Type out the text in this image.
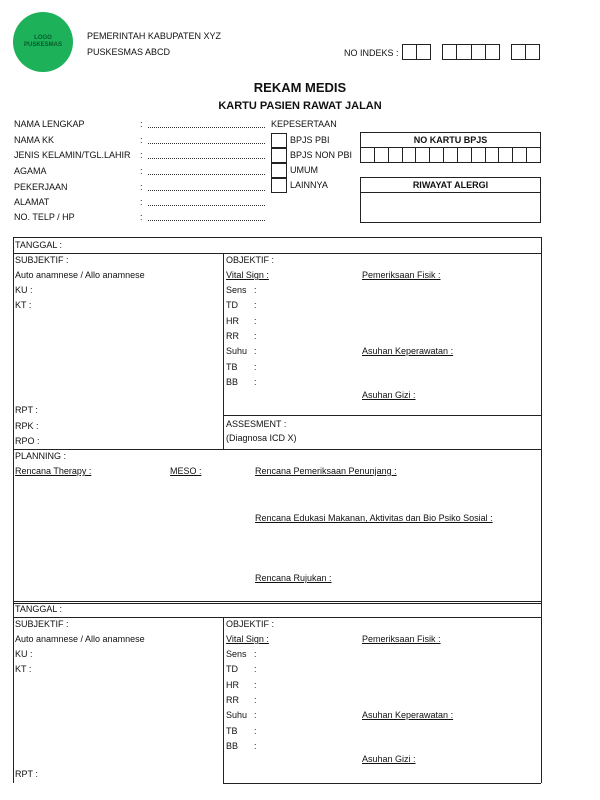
LOGO
PUSKESMAS
PEMERINTAH KABUPATEN XYZ
PUSKESMAS ABCD	NO INDEKS :
REKAM MEDIS
KARTU PASIEN RAWAT JALAN
NAMA LENGKAP	:
NAMA KK	:
JENIS KELAMIN/TGL.LAHIR :
AGAMA	:
PEKERJAAN	:
ALAMAT	:
NO. TELP / HP	:
KEPESERTAAN
BPJS PBI
BPJS NON PBI
UMUM
LAINNYA
NO KARTU BPJS
RIWAYAT ALERGI
TANGGAL :
SUBJEKTIF :
Auto anamnese / Allo anamnese
KU :
KT :
OBJEKTIF :
Vital Sign :	Pemeriksaan Fisik :
Sens :
TD :
HR :
RR :
Suhu :
TB :
BB :
Asuhan Keperawatan :
Asuhan Gizi :
RPT :
RPK :
RPO :
ASSESMENT :
(Diagnosa ICD X)
PLANNING :
Rencana Therapy :	MESO :	Rencana Pemeriksaan Penunjang :
Rencana Edukasi Makanan, Aktivitas dan Bio Psiko Sosial :
Rencana Rujukan :
TANGGAL :
SUBJEKTIF :
Auto anamnese / Allo anamnese
KU :
KT :
OBJEKTIF :
Vital Sign :	Pemeriksaan Fisik :
Sens :
TD :
HR :
RR :
Suhu :
TB :
BB :
Asuhan Keperawatan :
Asuhan Gizi :
RPT :
